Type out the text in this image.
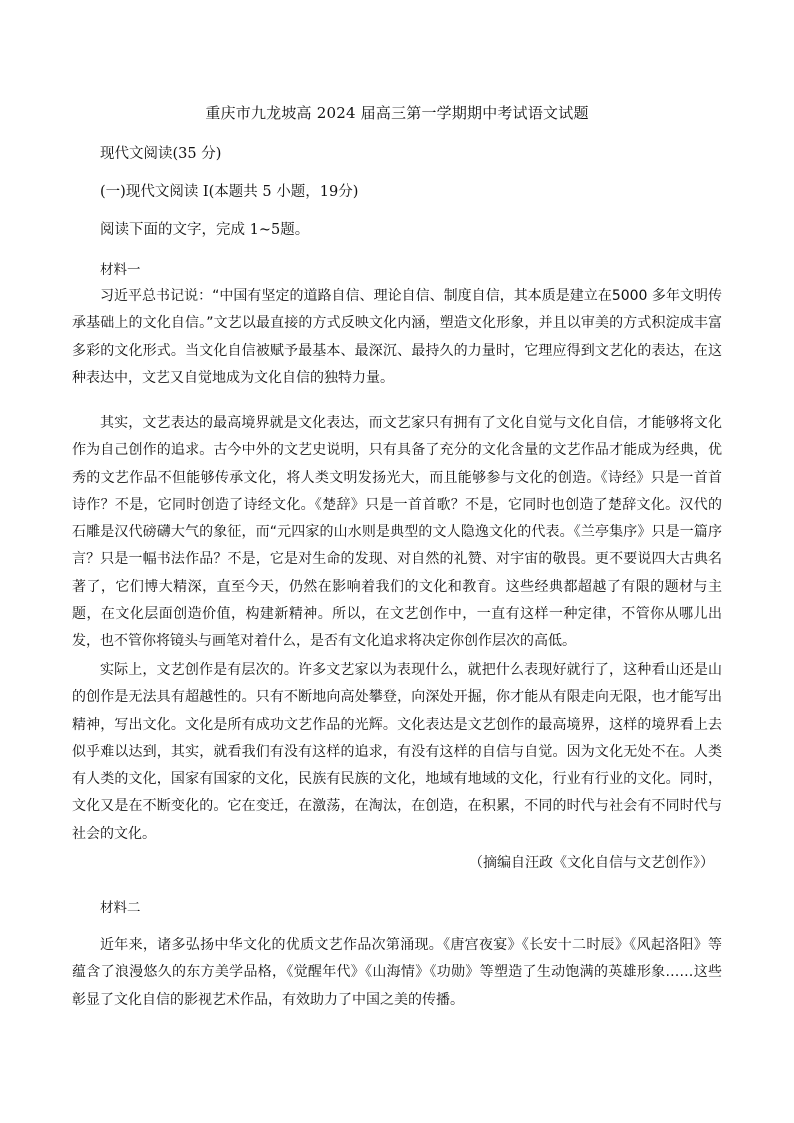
重庆市九龙坡高 2024 届高三第一学期期中考试语文试题
现代文阅读(35 分)
(一)现代文阅读 I(本题共 5 小题，19分)
阅读下面的文字，完成 1~5题。
材料一

习近平总书记说：“中国有坚定的道路自信、理论自信、制度自信，其本质是建立在5000 多年文明传承基础上的文化自信。”文艺以最直接的方式反映文化内涵，塑造文化形象，并且以审美的方式积淀成丰富多彩的文化形式。当文化自信被赋予最基本、最深沉、最持久的力量时，它理应得到文艺化的表达，在这种表达中，文艺又自觉地成为文化自信的独特力量。

其实，文艺表达的最高境界就是文化表达，而文艺家只有拥有了文化自觉与文化自信，才能够将文化作为自己创作的追求。古今中外的文艺史说明，只有具备了充分的文化含量的文艺作品才能成为经典，优秀的文艺作品不但能够传承文化，将人类文明发扬光大，而且能够参与文化的创造。《诗经》只是一首首诗作？不是，它同时创造了诗经文化。《楚辞》只是一首首歌？不是，它同时也创造了楚辞文化。汉代的石雕是汉代磅礴大气的象征，而“元四家的山水则是典型的文人隐逸文化的代表。《兰亭集序》只是一篇序言？只是一幅书法作品？不是，它是对生命的发现、对自然的礼赞、对宇宙的敬畏。更不要说四大古典名著了，它们博大精深，直至今天，仍然在影响着我们的文化和教育。这些经典都超越了有限的题材与主题，在文化层面创造价值，构建新精神。所以，在文艺创作中，一直有这样一种定律，不管你从哪儿出发，也不管你将镜头与画笔对着什么，是否有文化追求将决定你创作层次的高低。

实际上，文艺创作是有层次的。许多文艺家以为表现什么，就把什么表现好就行了，这种看山还是山的创作是无法具有超越性的。只有不断地向高处攀登，向深处开掘，你才能从有限走向无限，也才能写出精神，写出文化。文化是所有成功文艺作品的光辉。文化表达是文艺创作的最高境界，这样的境界看上去似乎难以达到，其实，就看我们有没有这样的追求，有没有这样的自信与自觉。因为文化无处不在。人类有人类的文化，国家有国家的文化，民族有民族的文化，地域有地域的文化，行业有行业的文化。同时，文化又是在不断变化的。它在变迁，在激荡，在淘汰，在创造，在积累，不同的时代与社会有不同时代与社会的文化。

（摘编自汪政《文化自信与文艺创作》）
材料二

近年来，诸多弘扬中华文化的优质文艺作品次第涌现。《唐宫夜宴》《长安十二时辰》《风起洛阳》等蕴含了浪漫悠久的东方美学品格，《觉醒年代》《山海情》《功勋》等塑造了生动饱满的英雄形象……这些彰显了文化自信的影视艺术作品，有效助力了中国之美的传播。
